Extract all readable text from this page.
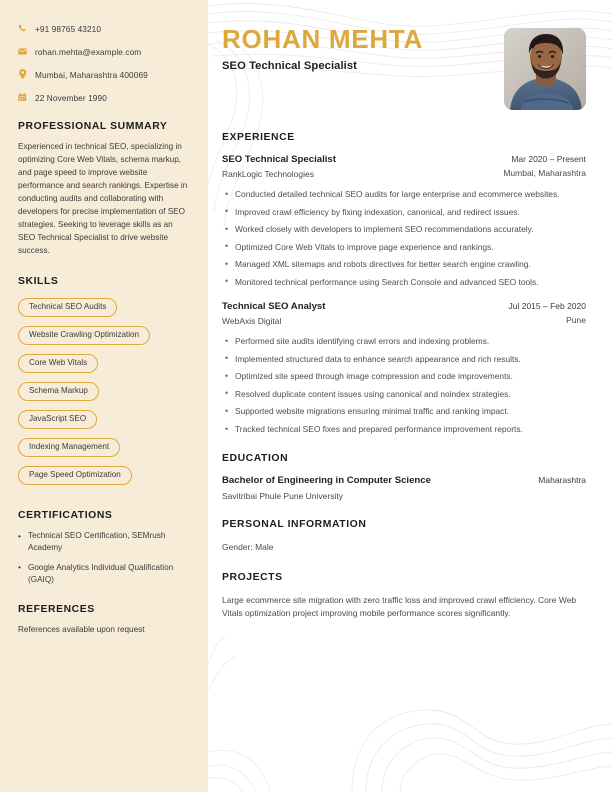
+91 98765 43210
rohan.mehta@example.com
Mumbai, Maharashtra 400069
22 November 1990
PROFESSIONAL SUMMARY

Experienced in technical SEO, specializing in optimizing Core Web Vitals, schema markup, and page speed to improve website performance and search rankings. Expertise in conducting audits and collaborating with developers for precise implementation of SEO strategies. Seeking to leverage skills as an SEO Technical Specialist to drive website success.

SKILLS
Technical SEO Audits
Website Crawling Optimization
Core Web Vitals
Schema Markup
JavaScript SEO
Indexing Management
Page Speed Optimization
CERTIFICATIONS
• Technical SEO Certification, SEMrush Academy
• Google Analytics Individual Qualification (GAIQ)
REFERENCES

References available upon request

ROHAN MEHTA
SEO Technical Specialist
EXPERIENCE
SEO Technical Specialist
RankLogic Technologies
Mar 2020 – Present
Mumbai, Maharashtra
• Conducted detailed technical SEO audits for large enterprise and ecommerce websites.
• Improved crawl efficiency by fixing indexation, canonical, and redirect issues.
• Worked closely with developers to implement SEO recommendations accurately.
• Optimized Core Web Vitals to improve page experience and rankings.
• Managed XML sitemaps and robots directives for better search engine crawling.
• Monitored technical performance using Search Console and advanced SEO tools.
Technical SEO Analyst
WebAxis Digital
Jul 2015 – Feb 2020
Pune
• Performed site audits identifying crawl errors and indexing problems.
• Implemented structured data to enhance search appearance and rich results.
• Optimized site speed through image compression and code improvements.
• Resolved duplicate content issues using canonical and noindex strategies.
• Supported website migrations ensuring minimal traffic and ranking impact.
• Tracked technical SEO fixes and prepared performance improvement reports.
EDUCATION
Bachelor of Engineering in Computer Science
Savitribai Phule Pune University
Maharashtra
PERSONAL INFORMATION

Gender: Male

PROJECTS

Large ecommerce site migration with zero traffic loss and improved crawl efficiency. Core Web Vitals optimization project improving mobile performance scores significantly.
